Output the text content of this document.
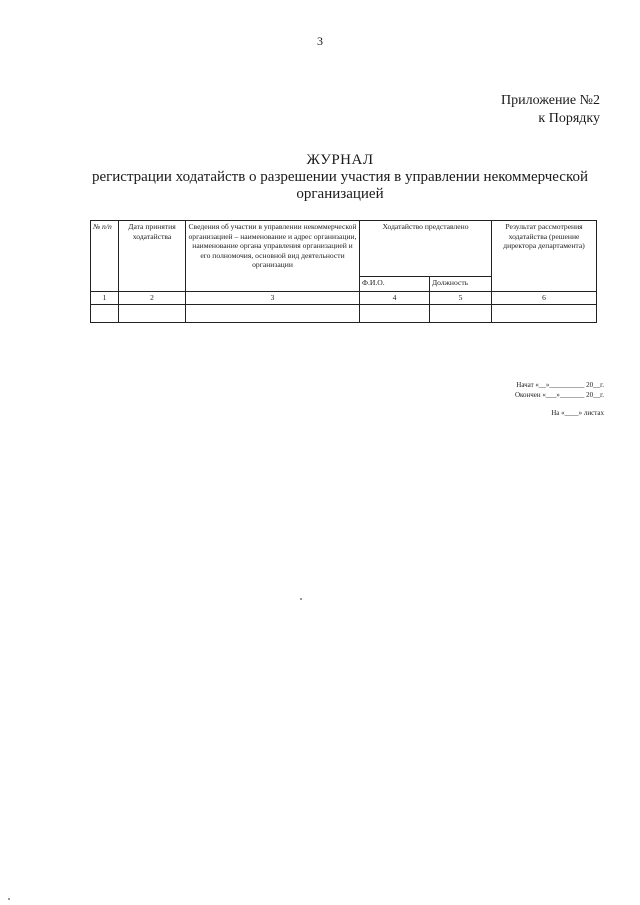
3
Приложение №2
к Порядку
ЖУРНАЛ
регистрации ходатайств о разрешении участия в управлении некоммерческой
организацией
№ п/п	Дата принятия ходатайства	Сведения об участии в управлении некоммерческой организацией – наименование и адрес организации, наименование органа управления организацией и его полномочия, основной вид деятельности организации	Ходатайство представлено		Результат рассмотрения ходатайства (решение директора департамента)
			Ф.И.О.	Должность	
1	2	3	4	5	6

Начат «__»__________ 20__г.
Окончен «___»_______ 20__г.
На «____» листах
